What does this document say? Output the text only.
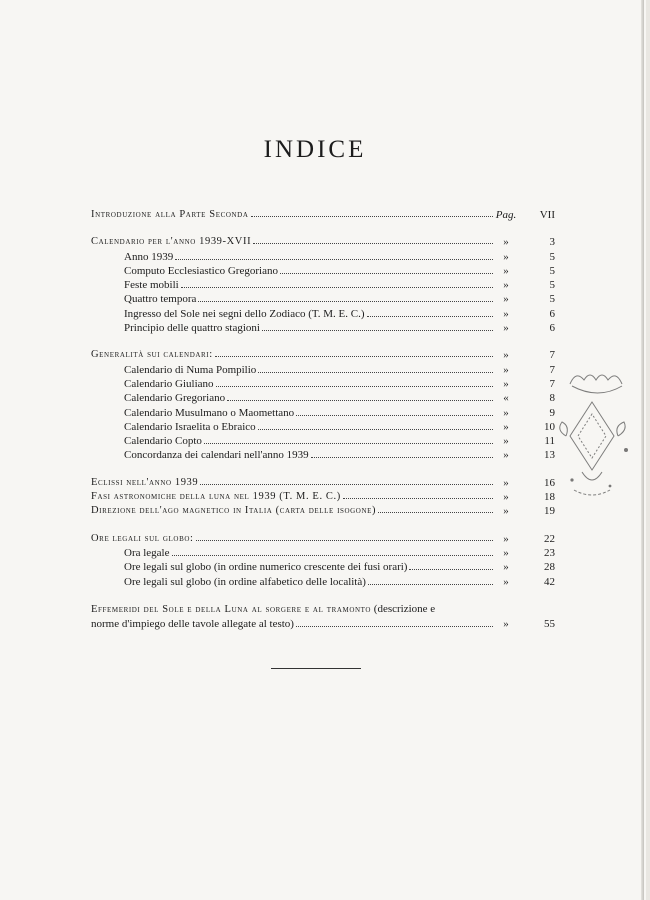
INDICE
Introduzione alla Parte Seconda	Pag.	VII
Calendario per l'anno 1939-XVII	»	3
Anno 1939	»	5
Computo Ecclesiastico Gregoriano	»	5
Feste mobili	»	5
Quattro tempora	»	5
Ingresso del Sole nei segni dello Zodiaco (T. M. E. C.)	»	6
Principio delle quattro stagioni	»	6
Generalità sui calendari:	»	7
Calendario di Numa Pompilio	»	7
Calendario Giuliano	»	7
Calendario Gregoriano	«	8
Calendario Musulmano o Maomettano	»	9
Calendario Israelita o Ebraico	»	10
Calendario Copto	»	11
Concordanza dei calendari nell'anno 1939	»	13
Eclissi nell'anno 1939	»	16
Fasi astronomiche della luna nel 1939 (T. M. E. C.)	»	18
Direzione dell'ago magnetico in Italia (carta delle isogone)	»	19
Ore legali sul globo:	»	22
Ora legale	»	23
Ore legali sul globo (in ordine numerico crescente dei fusi orari)	»	28
Ore legali sul globo (in ordine alfabetico delle località)	»	42
Effemeridi del Sole e della Luna al sorgere e al tramonto (descrizione e
norme d'impiego delle tavole allegate al testo)	»	55
